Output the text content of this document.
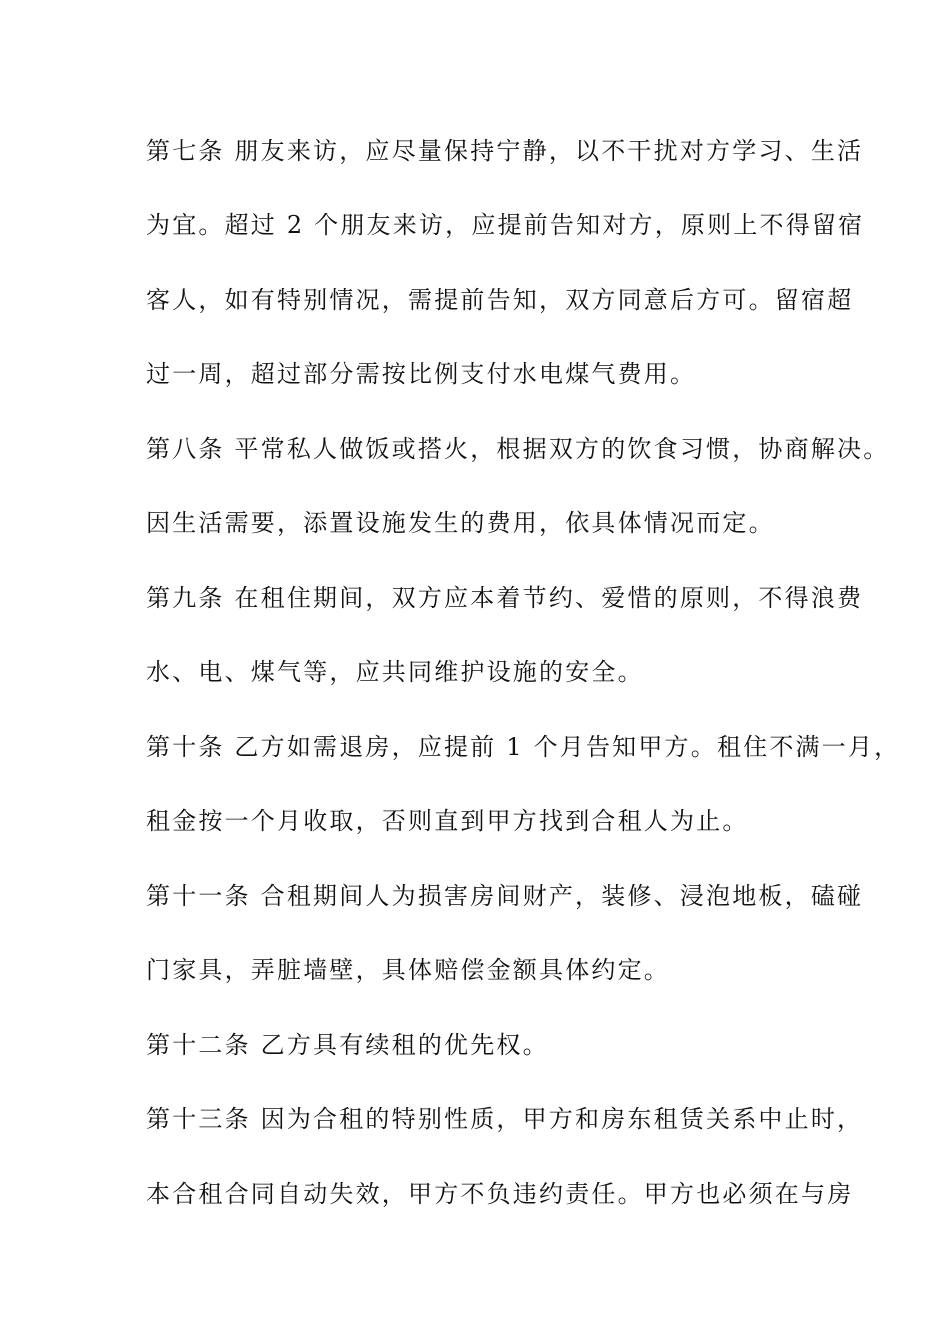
第七条 朋友来访，应尽量保持宁静，以不干扰对方学习、生活
为宜。超过 2 个朋友来访，应提前告知对方，原则上不得留宿
客人，如有特别情况，需提前告知，双方同意后方可。留宿超
过一周，超过部分需按比例支付水电煤气费用。
第八条 平常私人做饭或搭火，根据双方的饮食习惯，协商解决。
因生活需要，添置设施发生的费用，依具体情况而定。
第九条 在租住期间，双方应本着节约、爱惜的原则，不得浪费
水、电、煤气等，应共同维护设施的安全。
第十条 乙方如需退房，应提前 1 个月告知甲方。租住不满一月，
租金按一个月收取，否则直到甲方找到合租人为止。
第十一条 合租期间人为损害房间财产，装修、浸泡地板，磕碰
门家具，弄脏墙壁，具体赔偿金额具体约定。
第十二条 乙方具有续租的优先权。
第十三条 因为合租的特别性质，甲方和房东租赁关系中止时，
本合租合同自动失效，甲方不负违约责任。甲方也必须在与房
